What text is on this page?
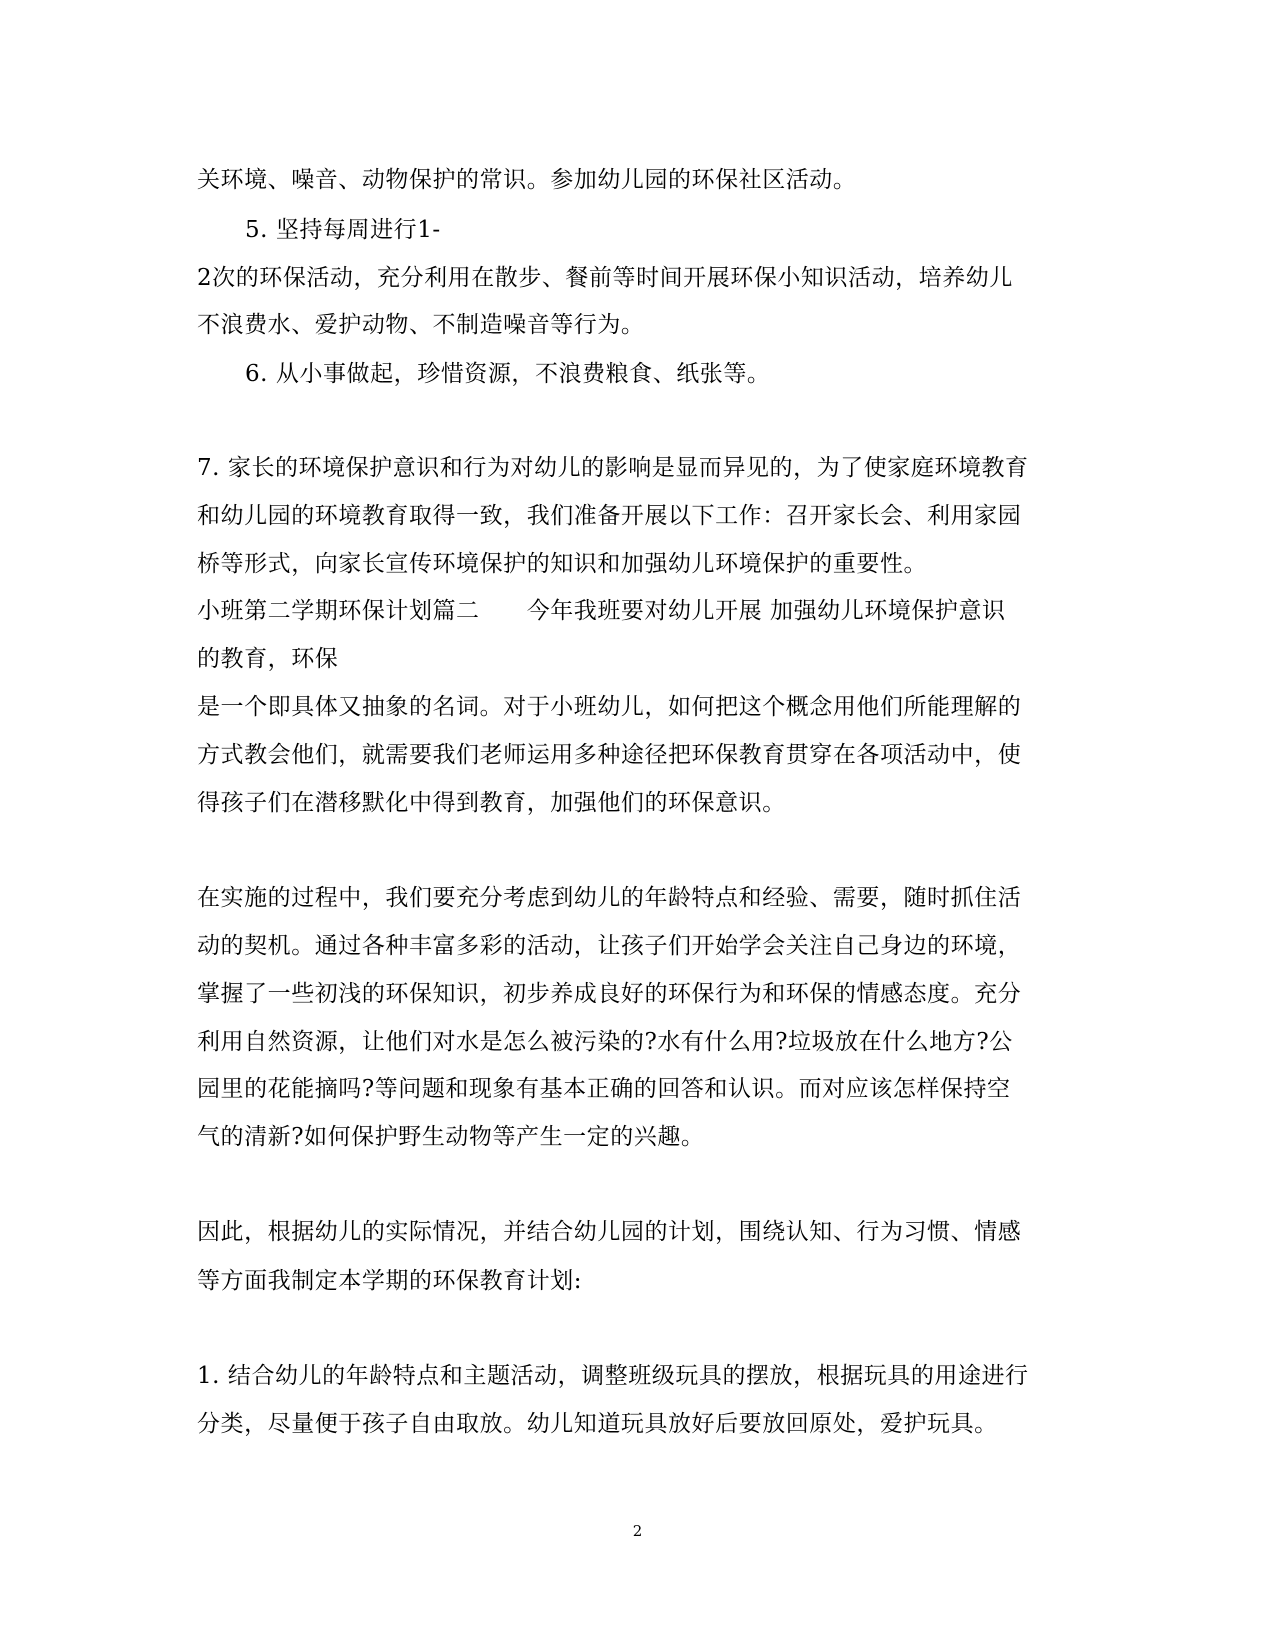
关环境、噪音、动物保护的常识。参加幼儿园的环保社区活动。
5. 坚持每周进行1-
2次的环保活动，充分利用在散步、餐前等时间开展环保小知识活动，培养幼儿
不浪费水、爱护动物、不制造噪音等行为。
6. 从小事做起，珍惜资源，不浪费粮食、纸张等。
7. 家长的环境保护意识和行为对幼儿的影响是显而异见的，为了使家庭环境教育
和幼儿园的环境教育取得一致，我们准备开展以下工作：召开家长会、利用家园
桥等形式，向家长宣传环境保护的知识和加强幼儿环境保护的重要性。
小班第二学期环保计划篇二　　今年我班要对幼儿开展 加强幼儿环境保护意识
的教育，环保
是一个即具体又抽象的名词。对于小班幼儿，如何把这个概念用他们所能理解的
方式教会他们，就需要我们老师运用多种途径把环保教育贯穿在各项活动中，使
得孩子们在潜移默化中得到教育，加强他们的环保意识。
在实施的过程中，我们要充分考虑到幼儿的年龄特点和经验、需要，随时抓住活
动的契机。通过各种丰富多彩的活动，让孩子们开始学会关注自己身边的环境，
掌握了一些初浅的环保知识，初步养成良好的环保行为和环保的情感态度。充分
利用自然资源，让他们对水是怎么被污染的?水有什么用?垃圾放在什么地方?公
园里的花能摘吗?等问题和现象有基本正确的回答和认识。而对应该怎样保持空
气的清新?如何保护野生动物等产生一定的兴趣。
因此，根据幼儿的实际情况，并结合幼儿园的计划，围绕认知、行为习惯、情感
等方面我制定本学期的环保教育计划:
1. 结合幼儿的年龄特点和主题活动，调整班级玩具的摆放，根据玩具的用途进行
分类，尽量便于孩子自由取放。幼儿知道玩具放好后要放回原处，爱护玩具。
2
